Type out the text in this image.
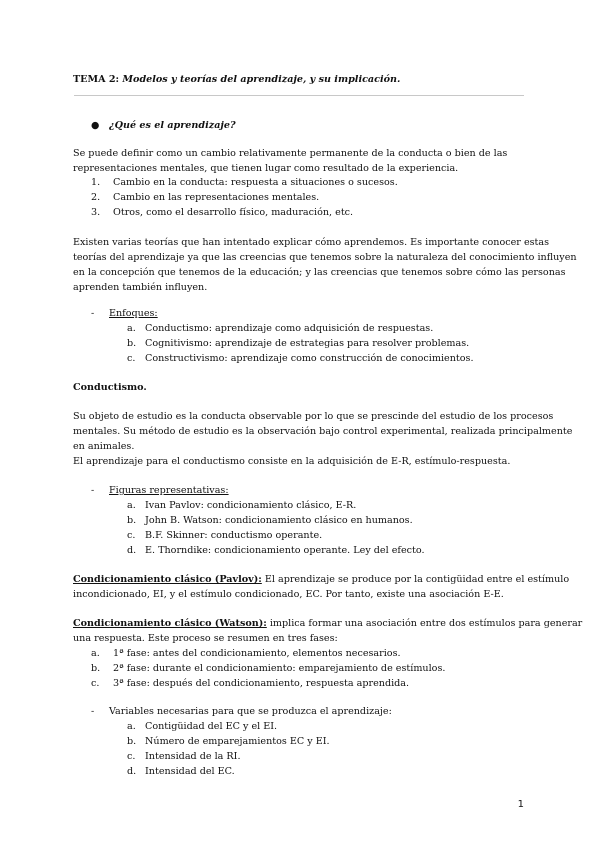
TEMA 2: Modelos y teorías del aprendizaje, y su implicación.
● ¿Qué es el aprendizaje?
Se puede definir como un cambio relativamente permanente de la conducta o bien de las
representaciones mentales, que tienen lugar como resultado de la experiencia.
1. Cambio en la conducta: respuesta a situaciones o sucesos.
2. Cambio en las representaciones mentales.
3. Otros, como el desarrollo físico, maduración, etc.
Existen varias teorías que han intentado explicar cómo aprendemos. Es importante conocer estas
teorías del aprendizaje ya que las creencias que tenemos sobre la naturaleza del conocimiento influyen
en la concepción que tenemos de la educación; y las creencias que tenemos sobre cómo las personas
aprenden también influyen.
- Enfoques:
a. Conductismo: aprendizaje como adquisición de respuestas.
b. Cognitivismo: aprendizaje de estrategias para resolver problemas.
c. Constructivismo: aprendizaje como construcción de conocimientos.
Conductismo.
Su objeto de estudio es la conducta observable por lo que se prescinde del estudio de los procesos
mentales. Su método de estudio es la observación bajo control experimental, realizada principalmente
en animales.
El aprendizaje para el conductismo consiste en la adquisición de E-R, estímulo-respuesta.
- Figuras representativas:
a. Ivan Pavlov: condicionamiento clásico, E-R.
b. John B. Watson: condicionamiento clásico en humanos.
c. B.F. Skinner: conductismo operante.
d. E. Thorndike: condicionamiento operante. Ley del efecto.
Condicionamiento clásico (Pavlov): El aprendizaje se produce por la contigüidad entre el estímulo
incondicionado, EI, y el estímulo condicionado, EC. Por tanto, existe una asociación E-E.
Condicionamiento clásico (Watson): implica formar una asociación entre dos estímulos para generar
una respuesta. Este proceso se resumen en tres fases:
a. 1ª fase: antes del condicionamiento, elementos necesarios.
b. 2ª fase: durante el condicionamiento: emparejamiento de estímulos.
c. 3ª fase: después del condicionamiento, respuesta aprendida.
- Variables necesarias para que se produzca el aprendizaje:
a. Contigüidad del EC y el EI.
b. Número de emparejamientos EC y EI.
c. Intensidad de la RI.
d. Intensidad del EC.
1
